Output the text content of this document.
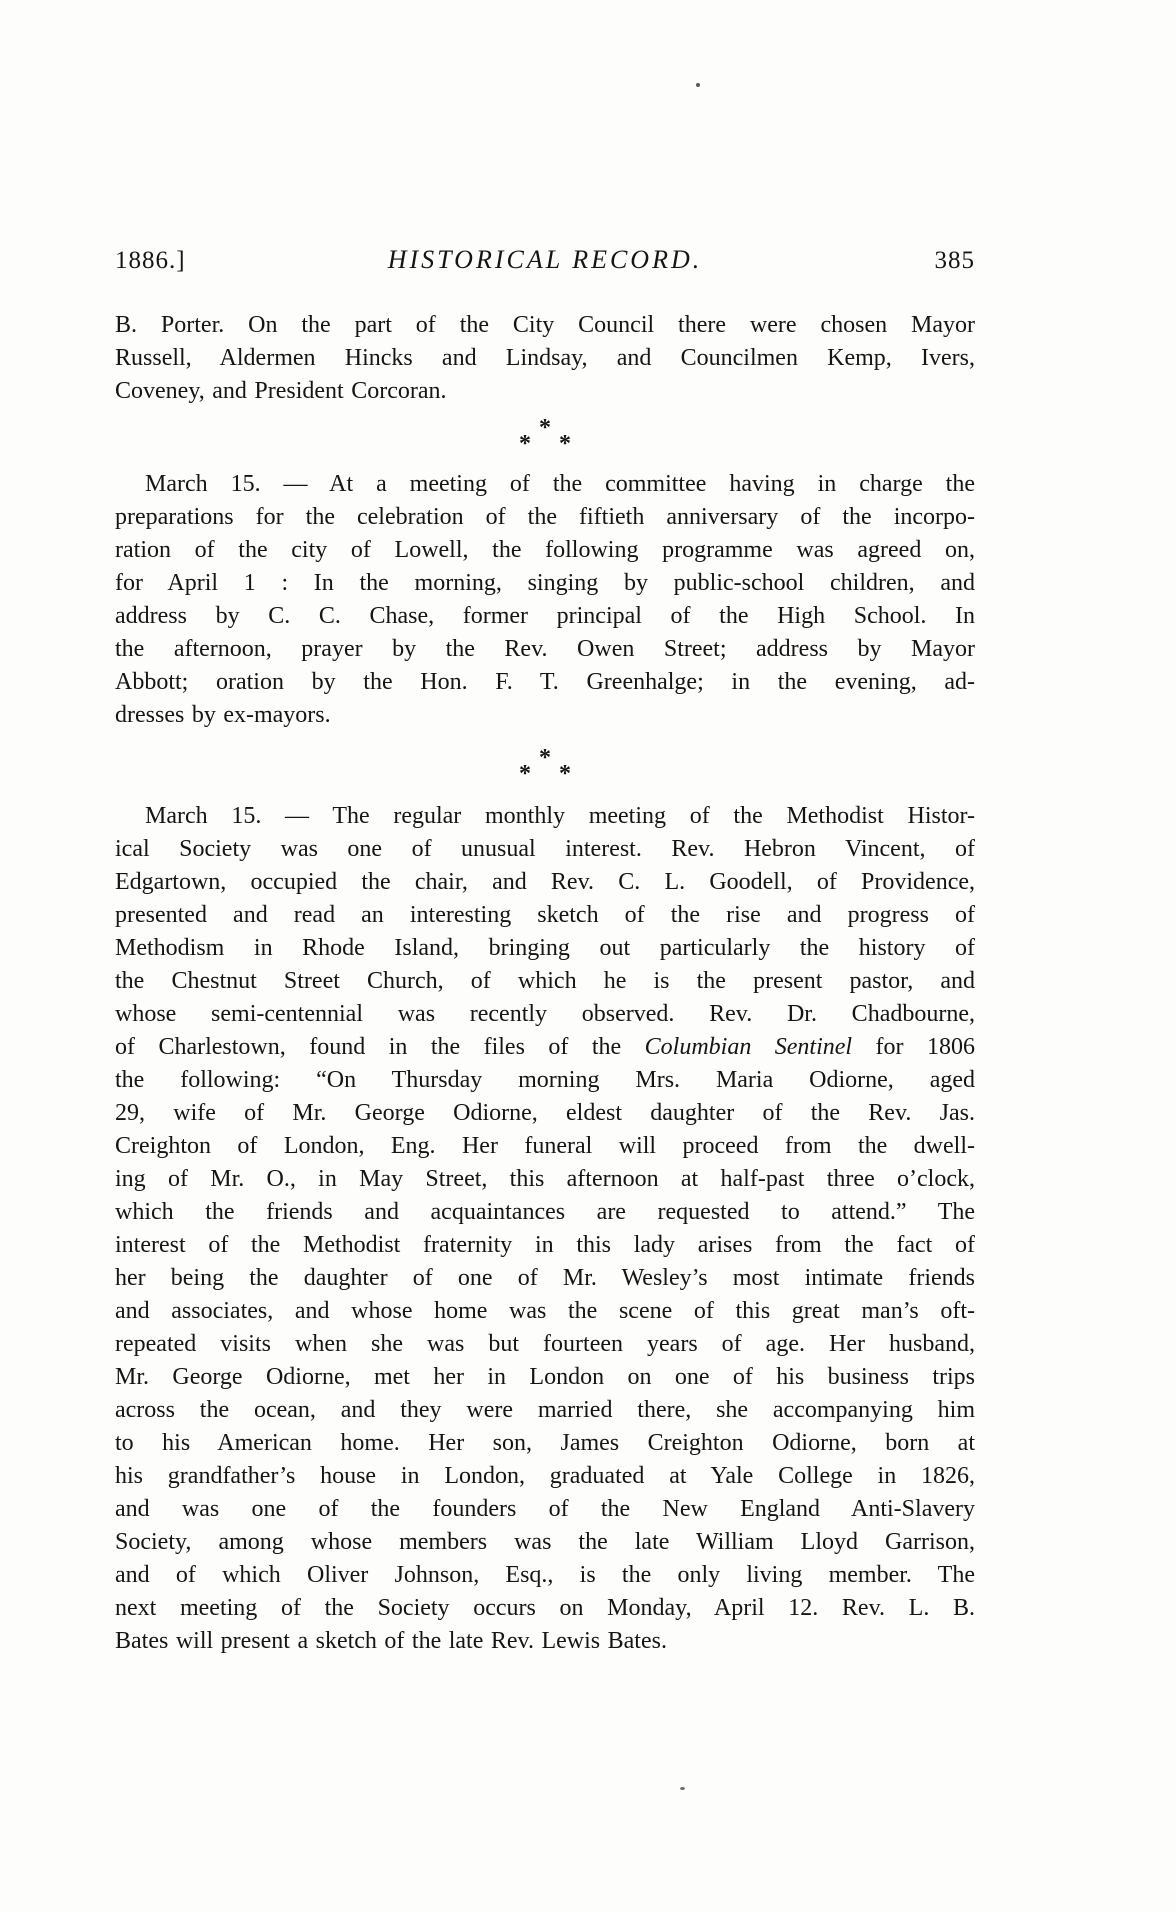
1886.]	HISTORICAL RECORD.	385
B. Porter. On the part of the City Council there were chosen Mayor
Russell, Aldermen Hincks and Lindsay, and Councilmen Kemp, Ivers,
Coveney, and President Corcoran.
*
* *
March 15. — At a meeting of the committee having in charge the
preparations for the celebration of the fiftieth anniversary of the incorpo-
ration of the city of Lowell, the following programme was agreed on,
for April 1 : In the morning, singing by public-school children, and
address by C. C. Chase, former principal of the High School. In
the afternoon, prayer by the Rev. Owen Street; address by Mayor
Abbott; oration by the Hon. F. T. Greenhalge; in the evening, ad-
dresses by ex-mayors.
*
* *
March 15. — The regular monthly meeting of the Methodist Histor-
ical Society was one of unusual interest. Rev. Hebron Vincent, of
Edgartown, occupied the chair, and Rev. C. L. Goodell, of Providence,
presented and read an interesting sketch of the rise and progress of
Methodism in Rhode Island, bringing out particularly the history of
the Chestnut Street Church, of which he is the present pastor, and
whose semi-centennial was recently observed. Rev. Dr. Chadbourne,
of Charlestown, found in the files of the Columbian Sentinel for 1806
the following: “On Thursday morning Mrs. Maria Odiorne, aged
29, wife of Mr. George Odiorne, eldest daughter of the Rev. Jas.
Creighton of London, Eng. Her funeral will proceed from the dwell-
ing of Mr. O., in May Street, this afternoon at half-past three o’clock,
which the friends and acquaintances are requested to attend.” The
interest of the Methodist fraternity in this lady arises from the fact of
her being the daughter of one of Mr. Wesley’s most intimate friends
and associates, and whose home was the scene of this great man’s oft-
repeated visits when she was but fourteen years of age. Her husband,
Mr. George Odiorne, met her in London on one of his business trips
across the ocean, and they were married there, she accompanying him
to his American home. Her son, James Creighton Odiorne, born at
his grandfather’s house in London, graduated at Yale College in 1826,
and was one of the founders of the New England Anti-Slavery
Society, among whose members was the late William Lloyd Garrison,
and of which Oliver Johnson, Esq., is the only living member. The
next meeting of the Society occurs on Monday, April 12. Rev. L. B.
Bates will present a sketch of the late Rev. Lewis Bates.
